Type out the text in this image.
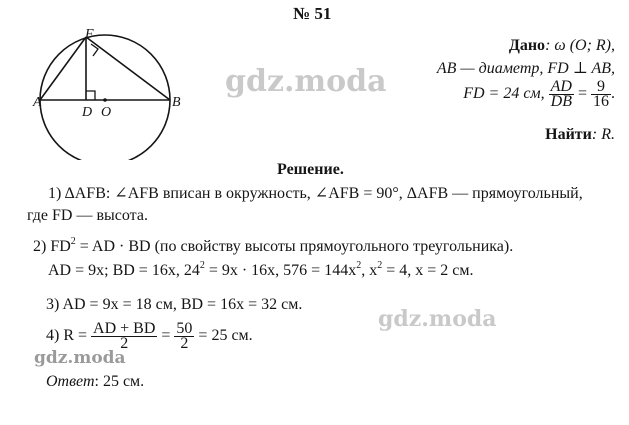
№ 51
F
A
D O
B
Дано: ω (O; R),
AB — диаметр, FD ⊥ AB,
FD = 24 см, $\frac{AD}{DB} = \frac{9}{16}$ .
Найти: R.
Решение.
1) ΔAFB: ∠AFB вписан в окружность, ∠AFB = 90°, ΔAFB — прямоугольный,
где FD — высота.
2) $FD^2$ = AD · BD (по свойству высоты прямоугольного треугольника).
AD = 9x; BD = 16x, $24^2 = 9x \cdot 16x$, $576 = 144x^2$, $x^2 = 4$, x = 2 см.
3) AD = 9x = 18 см, BD = 16x = 32 см.
4) $R = \frac{AD + BD}{2} = \frac{50}{2} = 25$ см.
Ответ: 25 см.
gdz.moda
gdz.moda
gdz.moda
